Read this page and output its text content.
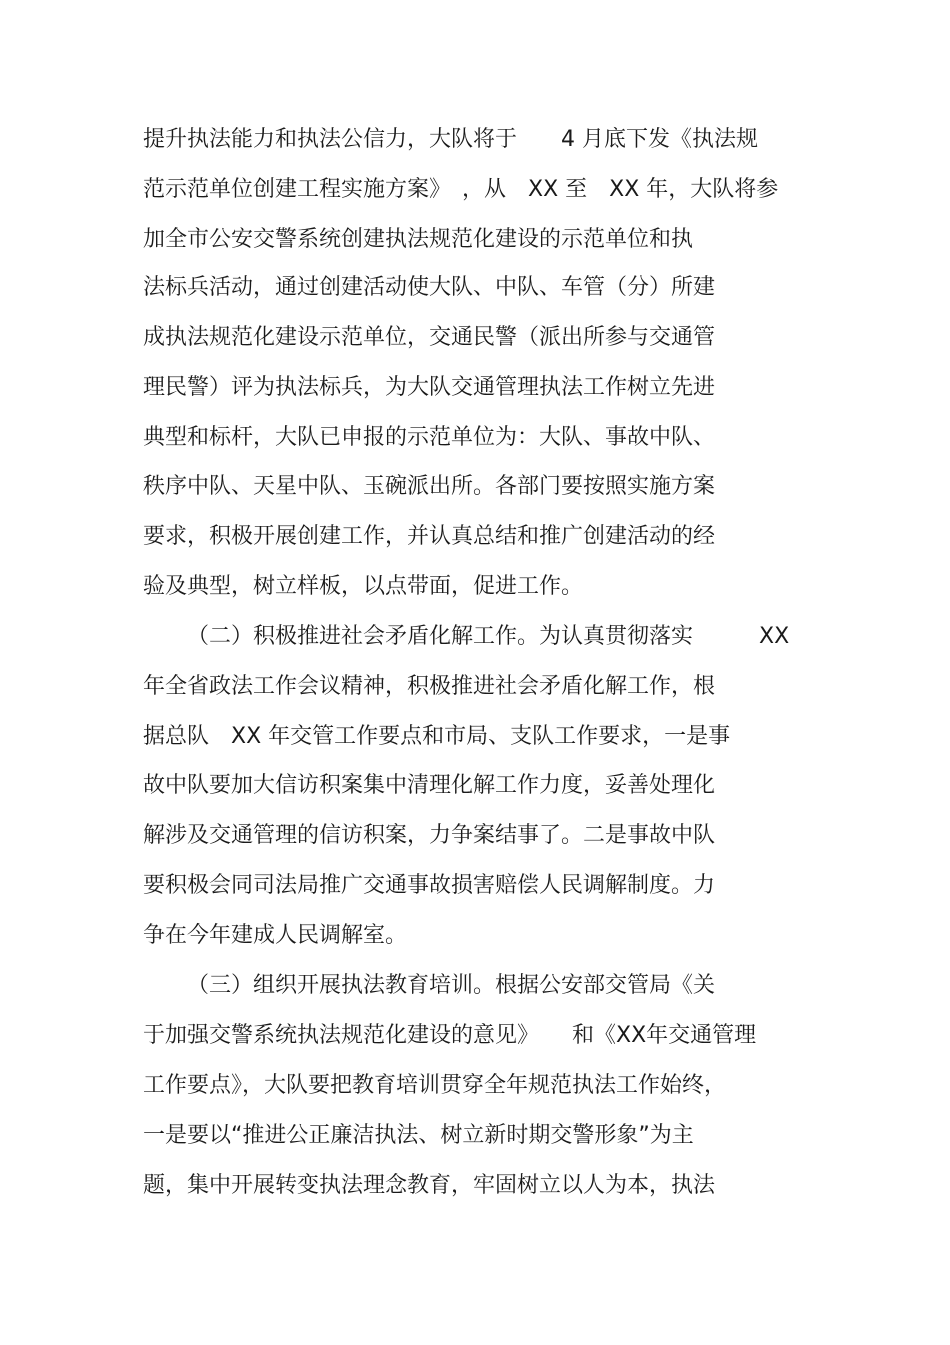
提升执法能力和执法公信力，大队将于　　4 月底下发《执法规

范示范单位创建工程实施方案》　，从　XX 至　XX 年，大队将参

加全市公安交警系统创建执法规范化建设的示范单位和执

法标兵活动，通过创建活动使大队、中队、车管（分）所建

成执法规范化建设示范单位，交通民警（派出所参与交通管

理民警）评为执法标兵，为大队交通管理执法工作树立先进

典型和标杆，大队已申报的示范单位为：大队、事故中队、

秩序中队、天星中队、玉碗派出所。各部门要按照实施方案

要求，积极开展创建工作，并认真总结和推广创建活动的经

验及典型，树立样板，以点带面，促进工作。

（二）积极推进社会矛盾化解工作。为认真贯彻落实　　　XX

年全省政法工作会议精神，积极推进社会矛盾化解工作，根

据总队　XX 年交管工作要点和市局、支队工作要求，一是事

故中队要加大信访积案集中清理化解工作力度，妥善处理化

解涉及交通管理的信访积案，力争案结事了。二是事故中队

要积极会同司法局推广交通事故损害赔偿人民调解制度。力

争在今年建成人民调解室。

（三）组织开展执法教育培训。根据公安部交管局《关

于加强交警系统执法规范化建设的意见》　　和《XX年交通管理

工作要点》，大队要把教育培训贯穿全年规范执法工作始终，

一是要以“推进公正廉洁执法、树立新时期交警形象”为主

题，集中开展转变执法理念教育，牢固树立以人为本，执法
